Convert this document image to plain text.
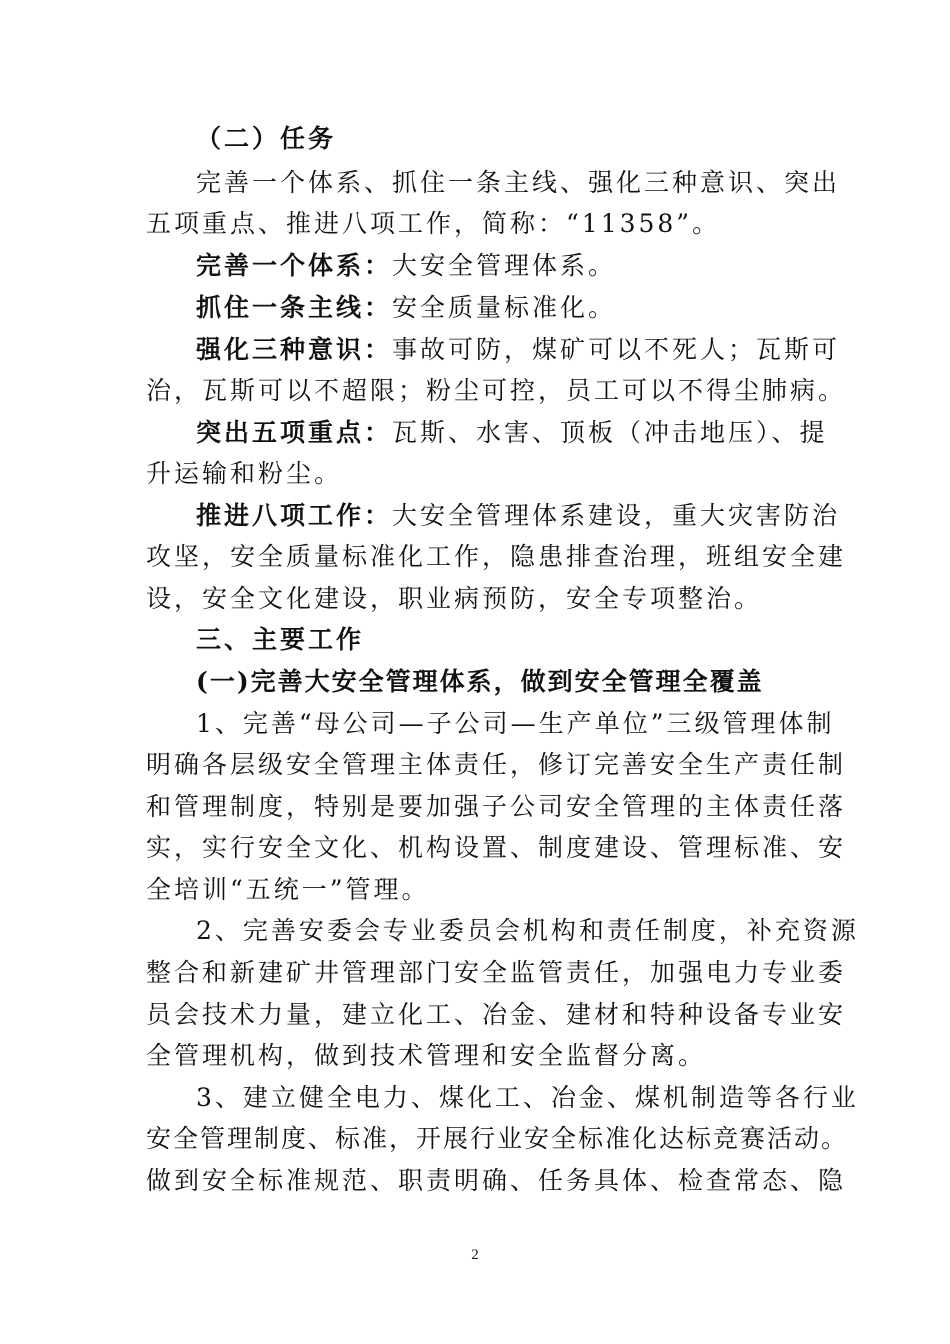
（二）任务
完善一个体系、抓住一条主线、强化三种意识、突出
五项重点、推进八项工作，简称：“11358”。
完善一个体系：大安全管理体系。
抓住一条主线：安全质量标准化。
强化三种意识：事故可防，煤矿可以不死人；瓦斯可
治，瓦斯可以不超限；粉尘可控，员工可以不得尘肺病。
突出五项重点：瓦斯、水害、顶板（冲击地压）、提
升运输和粉尘。
推进八项工作：大安全管理体系建设，重大灾害防治
攻坚，安全质量标准化工作，隐患排查治理，班组安全建
设，安全文化建设，职业病预防，安全专项整治。
三、主要工作
(一)完善大安全管理体系，做到安全管理全覆盖
1、完善“母公司—子公司—生产单位”三级管理体制
明确各层级安全管理主体责任，修订完善安全生产责任制
和管理制度，特别是要加强子公司安全管理的主体责任落
实，实行安全文化、机构设置、制度建设、管理标准、安
全培训“五统一”管理。
2、完善安委会专业委员会机构和责任制度，补充资源
整合和新建矿井管理部门安全监管责任，加强电力专业委
员会技术力量，建立化工、冶金、建材和特种设备专业安
全管理机构，做到技术管理和安全监督分离。
3、建立健全电力、煤化工、冶金、煤机制造等各行业
安全管理制度、标准，开展行业安全标准化达标竞赛活动。
做到安全标准规范、职责明确、任务具体、检查常态、隐
2
